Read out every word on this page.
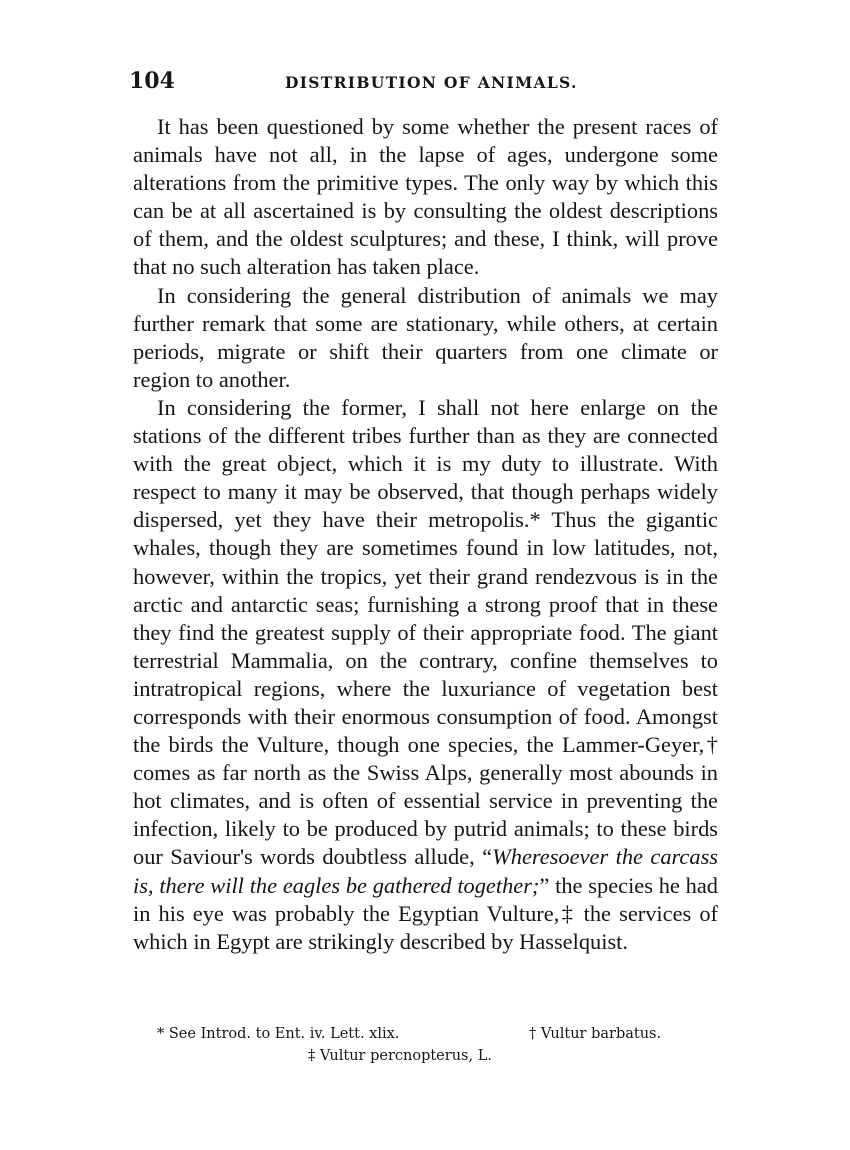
104	DISTRIBUTION OF ANIMALS.

It has been questioned by some whether the present races of animals have not all, in the lapse of ages, undergone some alterations from the primitive types. The only way by which this can be at all ascertained is by consulting the oldest descriptions of them, and the oldest sculptures; and these, I think, will prove that no such alteration has taken place.

In considering the general distribution of animals we may further remark that some are stationary, while others, at certain periods, migrate or shift their quarters from one climate or region to another.

In considering the former, I shall not here enlarge on the stations of the different tribes further than as they are connected with the great object, which it is my duty to illustrate. With respect to many it may be observed, that though perhaps widely dispersed, yet they have their metropolis.* Thus the gigantic whales, though they are sometimes found in low latitudes, not, however, within the tropics, yet their grand rendezvous is in the arctic and antarctic seas; furnishing a strong proof that in these they find the greatest supply of their appropriate food. The giant terrestrial Mammalia, on the contrary, confine themselves to intratropical regions, where the luxuriance of vegetation best corresponds with their enormous consumption of food. Amongst the birds the Vulture, though one species, the Lammer-Geyer,† comes as far north as the Swiss Alps, generally most abounds in hot climates, and is often of essential service in preventing the infection, likely to be produced by putrid animals; to these birds our Saviour's words doubtless allude, “Wheresoever the carcass is, there will the eagles be gathered together;” the species he had in his eye was probably the Egyptian Vulture,‡ the services of which in Egypt are strikingly described by Hasselquist.

* See Introd. to Ent. iv. Lett. xlix.	† Vultur barbatus.
‡ Vultur percnopterus, L.
